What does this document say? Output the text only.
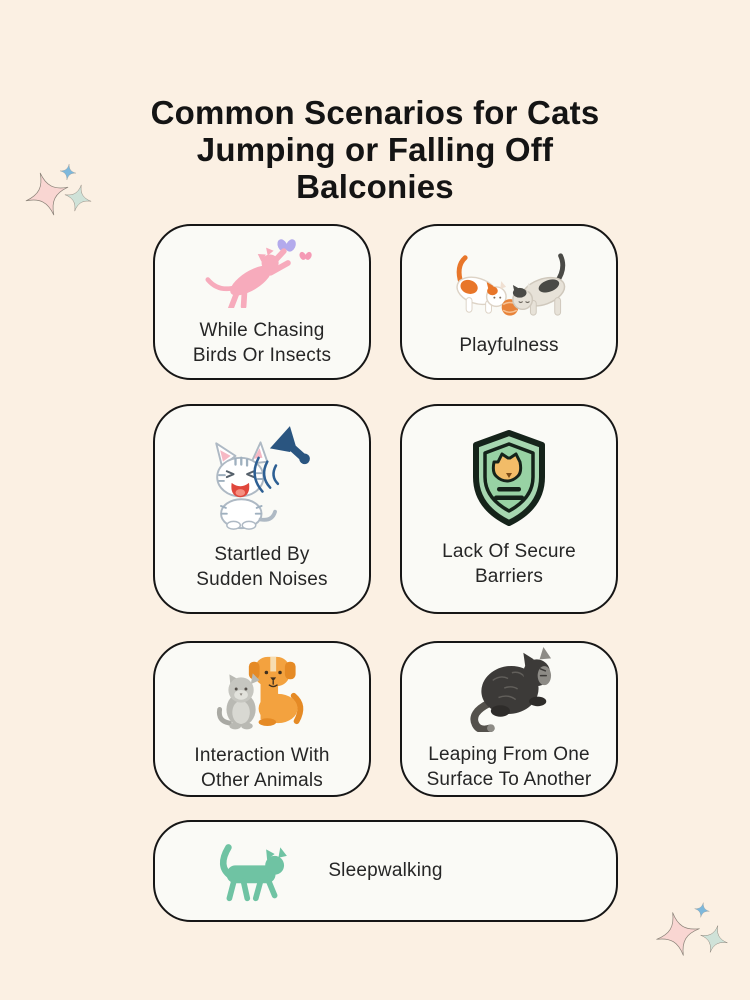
Common Scenarios for Cats
Jumping or Falling Off
Balconies
While Chasing Birds Or Insects	Playfulness
Startled By Sudden Noises
Lack Of Secure Barriers
Interaction With Other Animals
Leaping From One Surface To Another
Sleepwalking
